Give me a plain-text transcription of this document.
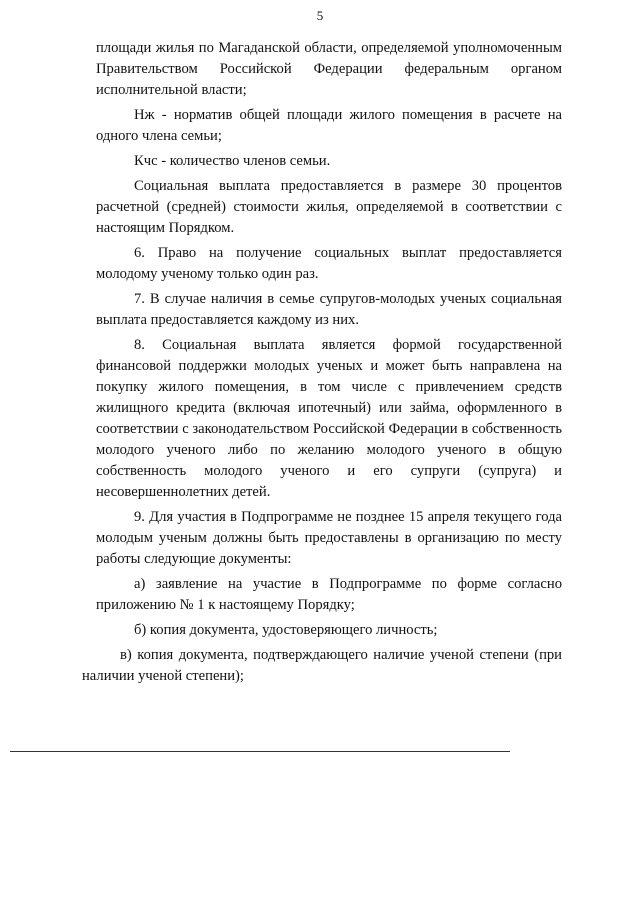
5

площади жилья по Магаданской области, определяемой уполномоченным Правительством Российской Федерации федеральным органом исполнительной власти;

Нж - норматив общей площади жилого помещения в расчете на одного члена семьи;

Кчс - количество членов семьи.

Социальная выплата предоставляется в размере 30 процентов расчетной (средней) стоимости жилья, определяемой в соответствии с настоящим Порядком.

6. Право на получение социальных выплат предоставляется молодому ученому только один раз.

7. В случае наличия в семье супругов-молодых ученых социальная выплата предоставляется каждому из них.

8. Социальная выплата является формой государственной финансовой поддержки молодых ученых и может быть направлена на покупку жилого помещения, в том числе с привлечением средств жилищного кредита (включая ипотечный) или займа, оформленного в соответствии с законодательством Российской Федерации в собственность молодого ученого либо по желанию молодого ученого в общую собственность молодого ученого и его супруги (супруга) и несовершеннолетних детей.

9. Для участия в Подпрограмме не позднее 15 апреля текущего года молодым ученым должны быть предоставлены в организацию по месту работы следующие документы:

а) заявление на участие в Подпрограмме по форме согласно приложению № 1 к настоящему Порядку;

б) копия документа, удостоверяющего личность;

в) копия документа, подтверждающего наличие ученой степени (при наличии ученой степени);
